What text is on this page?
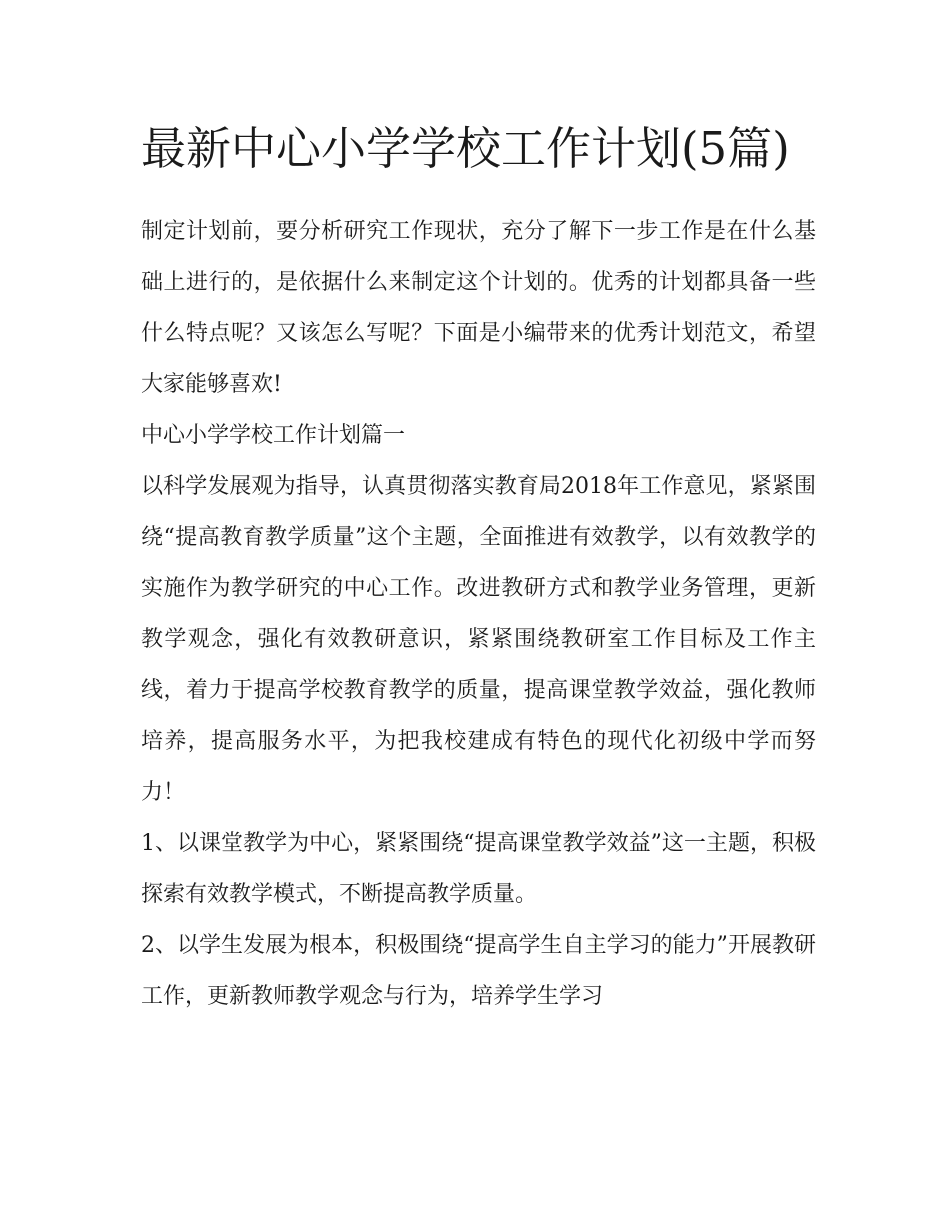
最新中心小学学校工作计划(5篇)

制定计划前，要分析研究工作现状，充分了解下一步工作是在什么基础上进行的，是依据什么来制定这个计划的。优秀的计划都具备一些什么特点呢？又该怎么写呢？下面是小编带来的优秀计划范文，希望大家能够喜欢!

中心小学学校工作计划篇一

以科学发展观为指导，认真贯彻落实教育局2018年工作意见，紧紧围绕“提高教育教学质量”这个主题，全面推进有效教学，以有效教学的实施作为教学研究的中心工作。改进教研方式和教学业务管理，更新教学观念，强化有效教研意识，紧紧围绕教研室工作目标及工作主线，着力于提高学校教育教学的质量，提高课堂教学效益，强化教师培养，提高服务水平，为把我校建成有特色的现代化初级中学而努力！

1、以课堂教学为中心，紧紧围绕“提高课堂教学效益”这一主题，积极探索有效教学模式，不断提高教学质量。

2、以学生发展为根本，积极围绕“提高学生自主学习的能力”开展教研工作，更新教师教学观念与行为，培养学生学习
